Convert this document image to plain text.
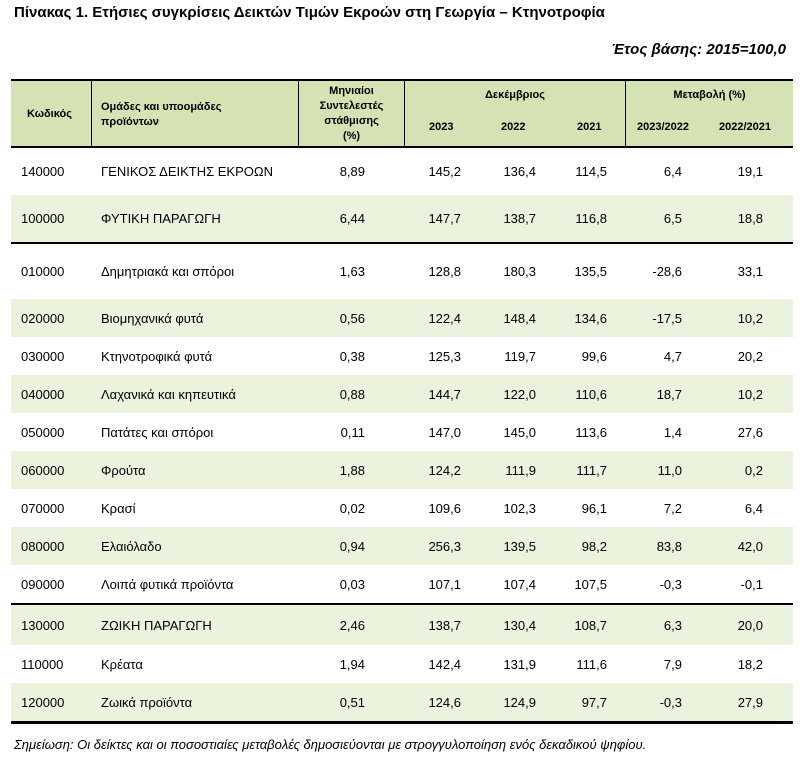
Πίνακας 1. Ετήσιες συγκρίσεις Δεικτών Τιμών Εκροών στη Γεωργία – Κτηνοτροφία
Έτος βάσης: 2015=100,0
Κωδικός
Ομάδες και υποομάδες
προϊόντων
Μηνιαίοι
Συντελεστές
στάθμισης
(%)
Δεκέμβριος
2023	2022	2021
Μεταβολή (%)
2023/2022	2022/2021
140000	ΓΕΝΙΚΟΣ ΔΕΙΚΤΗΣ ΕΚΡΟΩΝ	8,89	145,2	136,4	114,5	6,4	19,1
100000	ΦΥΤΙΚΗ ΠΑΡΑΓΩΓΗ	6,44	147,7	138,7	116,8	6,5	18,8
010000	Δημητριακά και σπόροι	1,63	128,8	180,3	135,5	-28,6	33,1
020000	Βιομηχανικά φυτά	0,56	122,4	148,4	134,6	-17,5	10,2
030000	Κτηνοτροφικά φυτά	0,38	125,3	119,7	99,6	4,7	20,2
040000	Λαχανικά και κηπευτικά	0,88	144,7	122,0	110,6	18,7	10,2
050000	Πατάτες και σπόροι	0,11	147,0	145,0	113,6	1,4	27,6
060000	Φρούτα	1,88	124,2	111,9	111,7	11,0	0,2
070000	Κρασί	0,02	109,6	102,3	96,1	7,2	6,4
080000	Ελαιόλαδο	0,94	256,3	139,5	98,2	83,8	42,0
090000	Λοιπά φυτικά προϊόντα	0,03	107,1	107,4	107,5	-0,3	-0,1
130000	ΖΩΙΚΗ ΠΑΡΑΓΩΓΗ	2,46	138,7	130,4	108,7	6,3	20,0
110000	Κρέατα	1,94	142,4	131,9	111,6	7,9	18,2
120000	Ζωικά προϊόντα	0,51	124,6	124,9	97,7	-0,3	27,9
Σημείωση: Οι δείκτες και οι ποσοστιαίες μεταβολές δημοσιεύονται με στρογγυλοποίηση ενός δεκαδικού ψηφίου.
